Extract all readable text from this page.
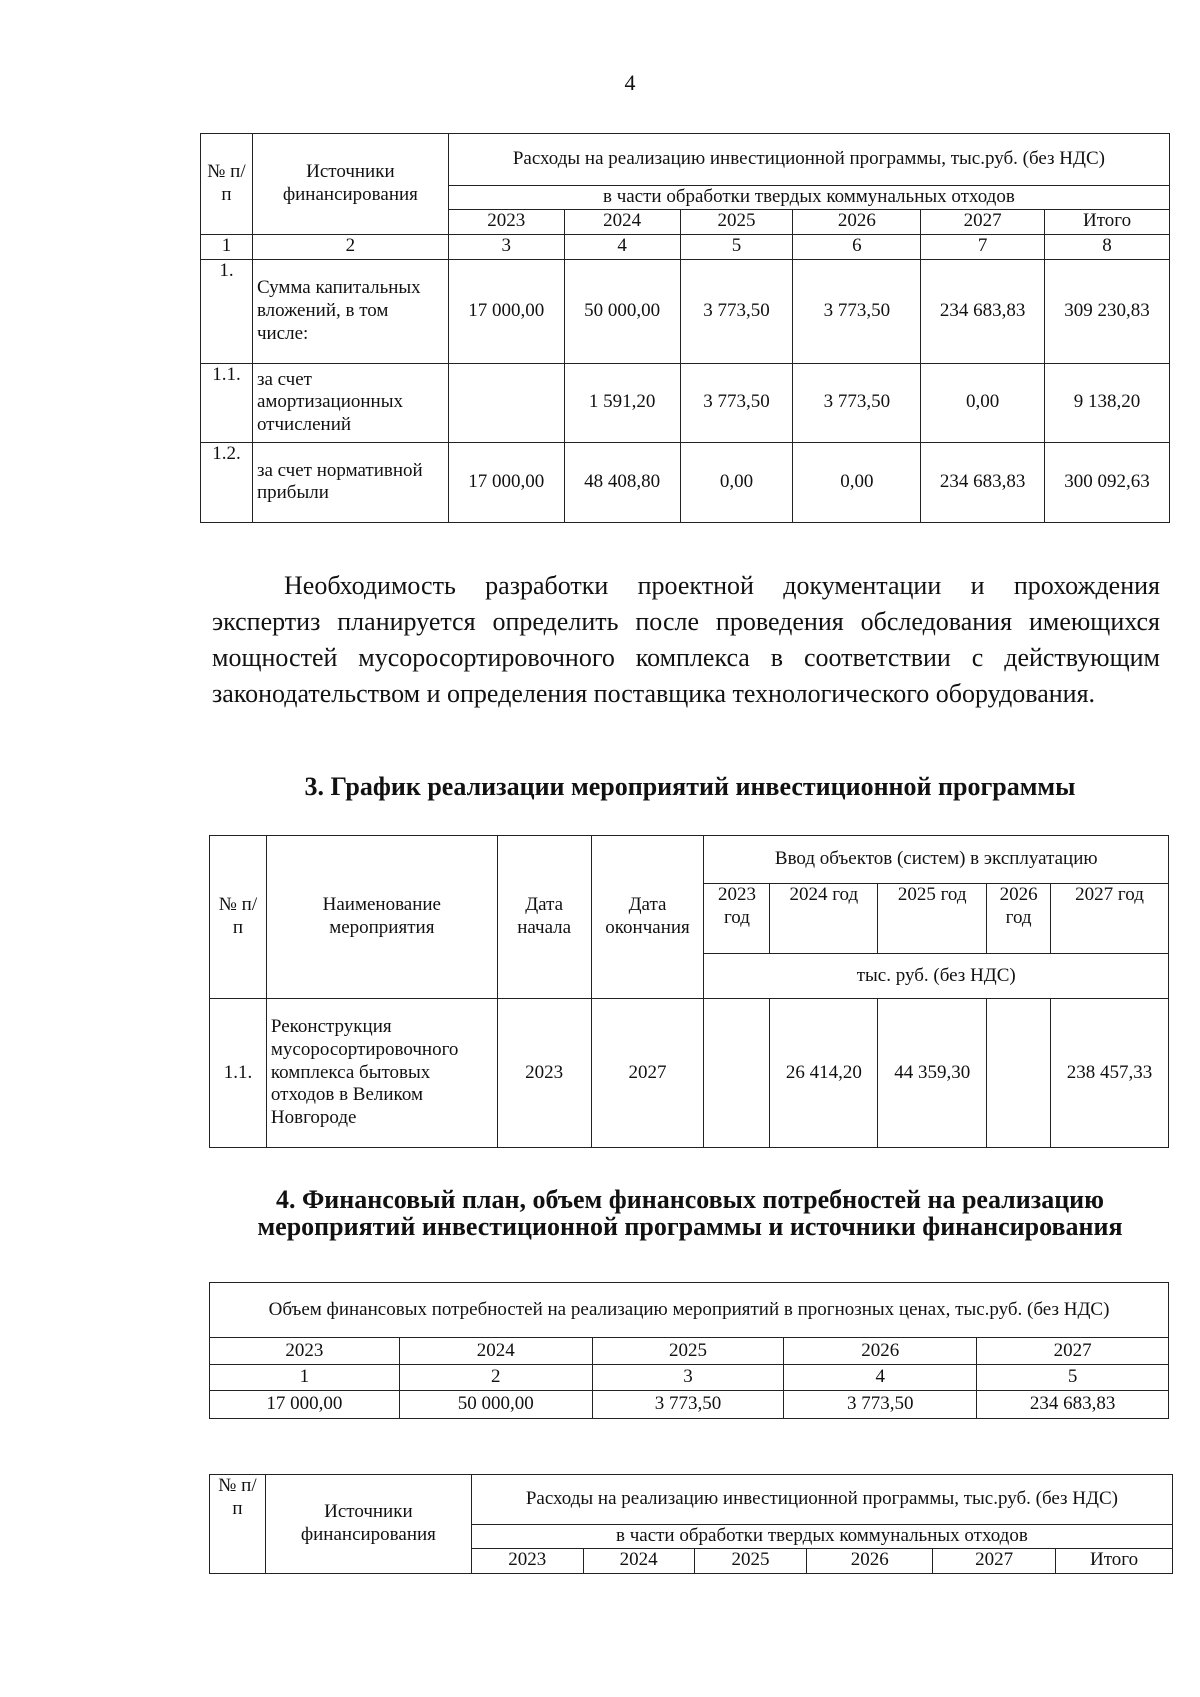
4
№ п/п	Источники финансирования	Расходы на реализацию инвестиционной программы, тыс.руб. (без НДС)					
		в части обработки твердых коммунальных отходов					
		2023	2024	2025	2026	2027	Итого
1	2	3	4	5	6	7	8
1.	Сумма капитальных вложений, в том числе:	17 000,00	50 000,00	3 773,50	3 773,50	234 683,83	309 230,83
1.1.	за счет амортизационных отчислений		1 591,20	3 773,50	3 773,50	0,00	9 138,20
1.2.	за счет нормативной прибыли	17 000,00	48 408,80	0,00	0,00	234 683,83	300 092,63

Необходимость разработки проектной документации и прохождения экспертиз планируется определить после проведения обследования имеющихся мощностей мусоросортировочного комплекса в соответствии с действующим законодательством и определения поставщика технологического оборудования.

3. График реализации мероприятий инвестиционной программы
№ п/п	Наименование мероприятия	Дата начала	Дата окончания	Ввод объектов (систем) в эксплуатацию				
				2023 год	2024 год	2025 год	2026 год	2027 год
				тыс. руб. (без НДС)				
1.1.	Реконструкция мусоросортировочного комплекса бытовых отходов в Великом Новгороде	2023	2027		26 414,20	44 359,30		238 457,33
4. Финансовый план, объем финансовых потребностей на реализацию мероприятий инвестиционной программы и источники финансирования
Объем финансовых потребностей на реализацию мероприятий в прогнозных ценах, тыс.руб. (без НДС)				
2023	2024	2025	2026	2027
1	2	3	4	5
17 000,00	50 000,00	3 773,50	3 773,50	234 683,83
№ п/п	Источники финансирования	Расходы на реализацию инвестиционной программы, тыс.руб. (без НДС)					
		в части обработки твердых коммунальных отходов					
		2023	2024	2025	2026	2027	Итого
